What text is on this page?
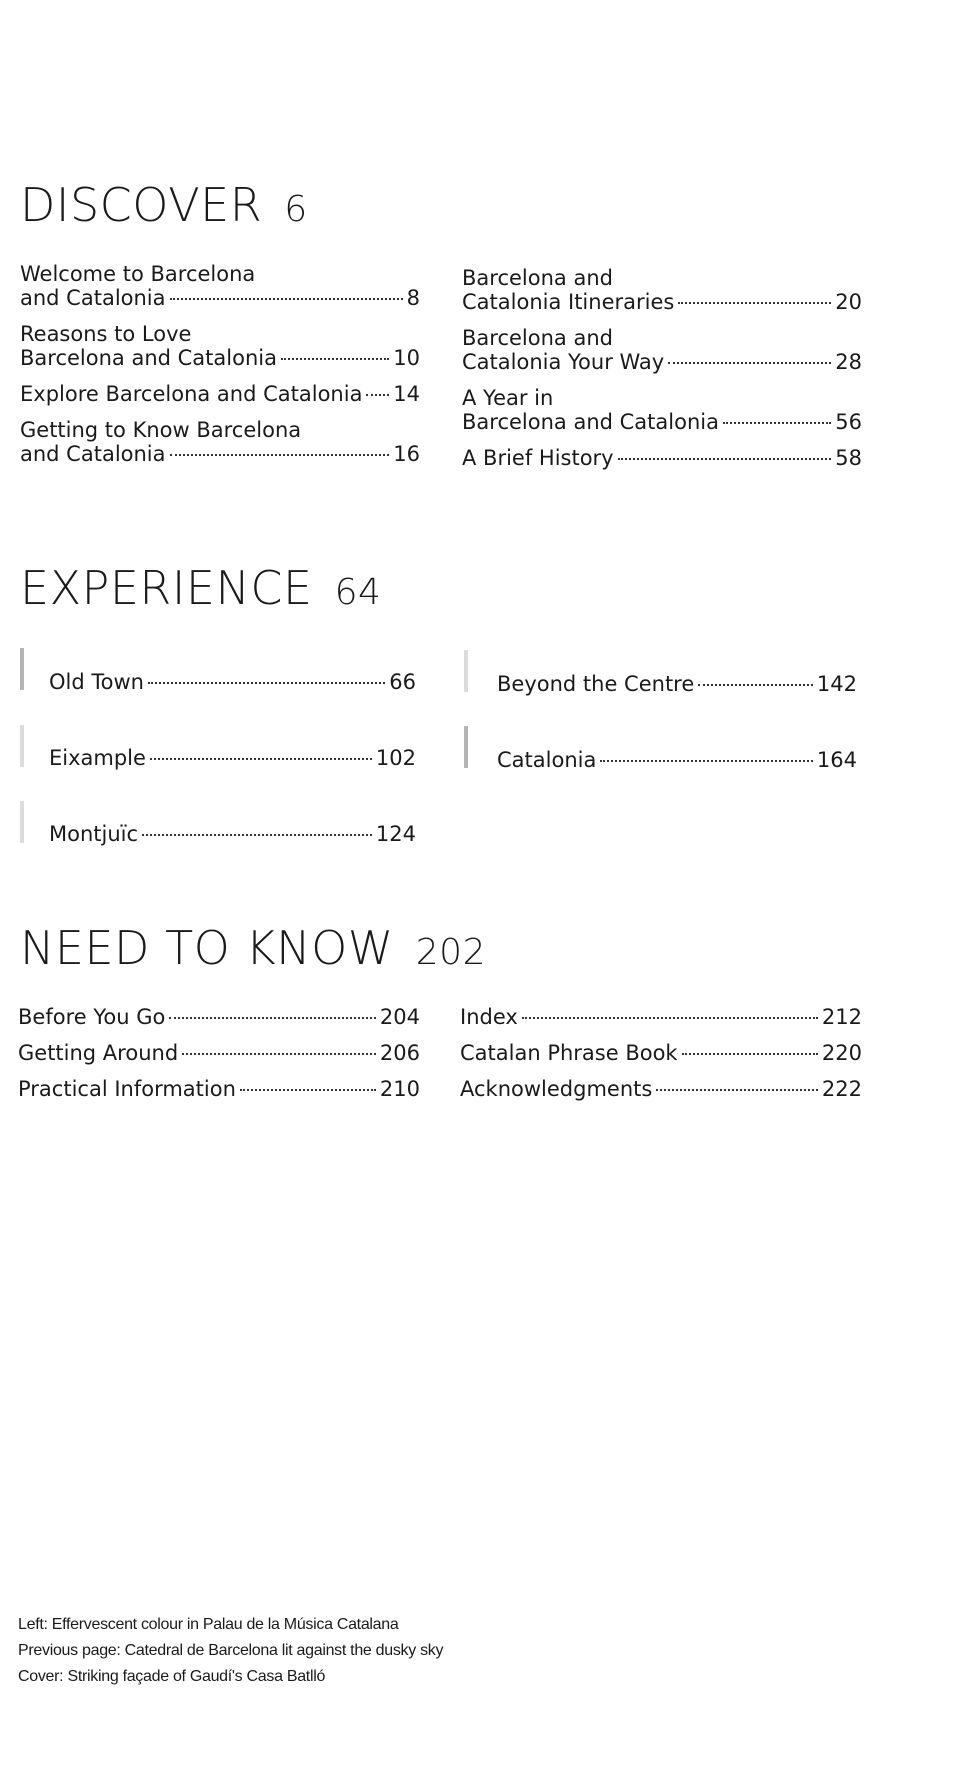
DISCOVER 6
Welcome to Barcelona
and Catalonia	8
Reasons to Love
Barcelona and Catalonia	10
Explore Barcelona and Catalonia 14
Getting to Know Barcelona
and Catalonia	16
Barcelona and
Catalonia Itineraries	20
Barcelona and
Catalonia Your Way	28
A Year in
Barcelona and Catalonia	56
A Brief History	58
EXPERIENCE 64
Old Town	66
Eixample	102
Montjuïc	124
Beyond the Centre	142
Catalonia	164
NEED TO KNOW 202
Before You Go	204
Getting Around	206
Practical Information	210
Index	212
Catalan Phrase Book	220
Acknowledgments	222
Left: Effervescent colour in Palau de la Música Catalana
Previous page: Catedral de Barcelona lit against the dusky sky
Cover: Striking façade of Gaudí's Casa Batlló
